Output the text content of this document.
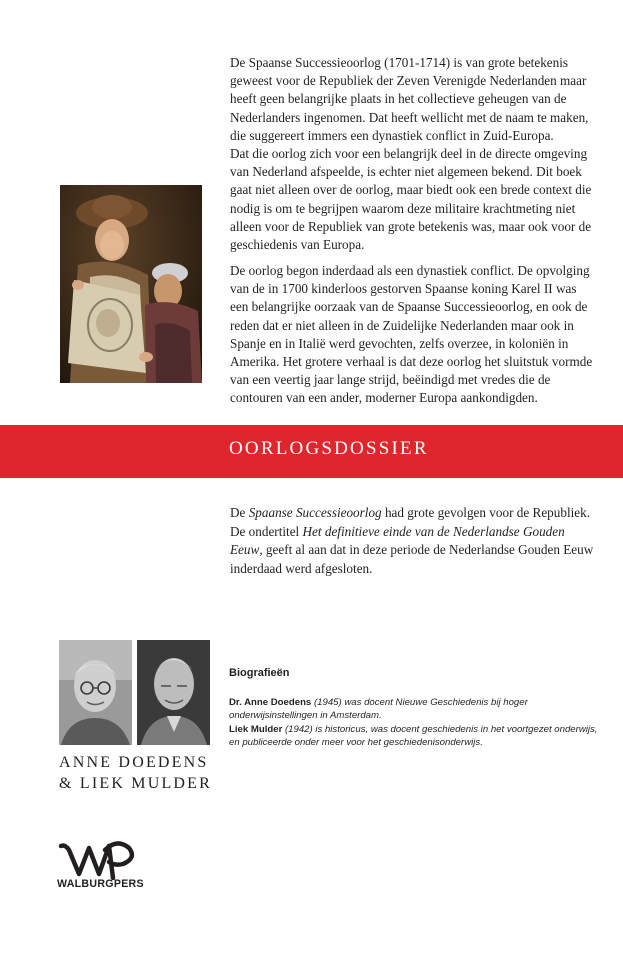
De Spaanse Successieoorlog (1701-1714) is van grote betekenis geweest voor de Republiek der Zeven Verenigde Nederlanden maar heeft geen belangrijke plaats in het collectieve geheugen van de Nederlanders ingenomen. Dat heeft wellicht met de naam te maken, die suggereert immers een dynastiek conflict in Zuid-Europa.

Dat die oorlog zich voor een belangrijk deel in de directe omgeving van Nederland afspeelde, is echter niet algemeen bekend. Dit boek gaat niet alleen over de oorlog, maar biedt ook een brede context die nodig is om te begrijpen waarom deze militaire krachtmeting niet alleen voor de Republiek van grote betekenis was, maar ook voor de geschiedenis van Europa.

De oorlog begon inderdaad als een dynastiek conflict. De opvolging van de in 1700 kinderloos gestorven Spaanse koning Karel II was een belangrijke oorzaak van de Spaanse Successieoorlog, en ook de reden dat er niet alleen in de Zuidelijke Nederlanden maar ook in Spanje en in Italië werd gevochten, zelfs overzee, in koloniën in Amerika. Het grotere verhaal is dat deze oorlog het sluitstuk vormde van een veertig jaar lange strijd, beëindigd met vredes die de contouren van een ander, moderner Europa aankondigden.

OORLOGSDOSSIER

De Spaanse Successieoorlog had grote gevolgen voor de Republiek. De ondertitel Het definitieve einde van de Nederlandse Gouden Eeuw, geeft al aan dat in deze periode de Nederlandse Gouden Eeuw inderdaad werd afgesloten.

ANNE DOEDENS
& LIEK MULDER
Biografieën

Dr. Anne Doedens (1945) was docent Nieuwe Geschiedenis bij hoger onderwijsinstellingen in Amsterdam.

Liek Mulder (1942) is historicus, was docent geschiedenis in het voortgezet onderwijs, en publiceerde onder meer voor het geschiedenisonderwijs.

WALBURGPERS
